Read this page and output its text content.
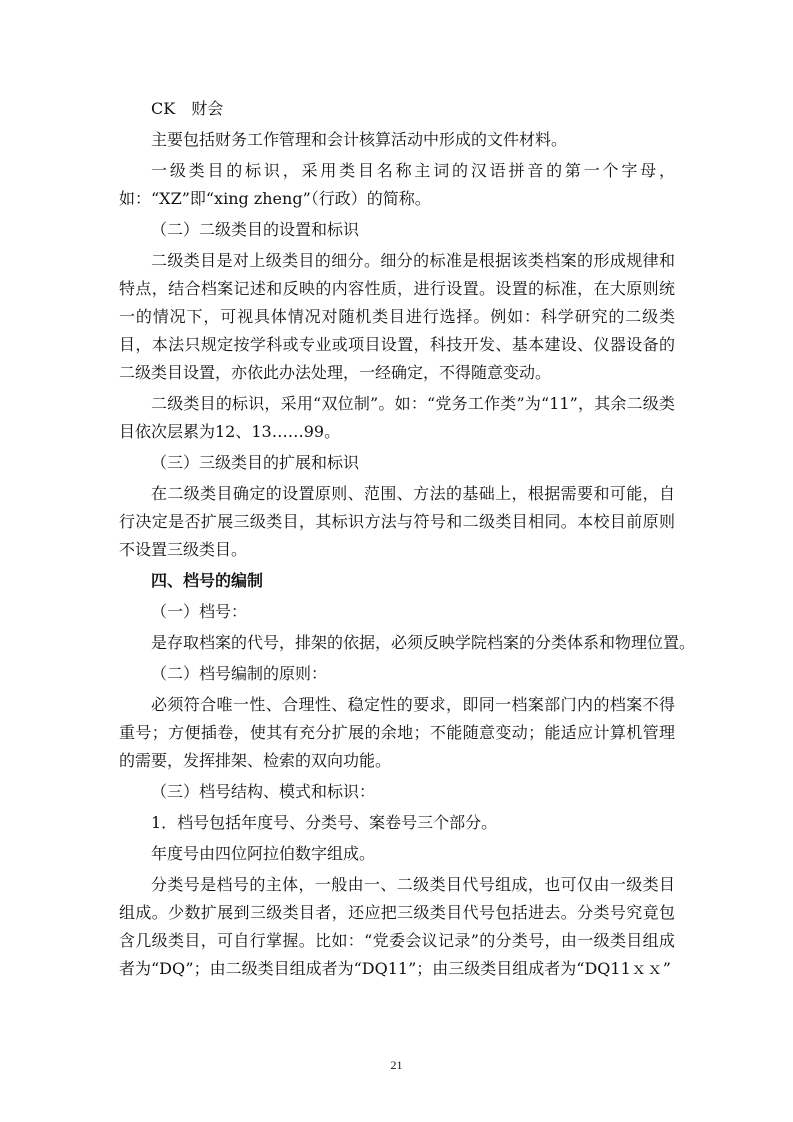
CK　财会

主要包括财务工作管理和会计核算活动中形成的文件材料。

一级类目的标识，采用类目名称主词的汉语拼音的第一个字母，如：“XZ”即“xing zheng”（行政）的简称。

（二）二级类目的设置和标识

二级类目是对上级类目的细分。细分的标准是根据该类档案的形成规律和特点，结合档案记述和反映的内容性质，进行设置。设置的标准，在大原则统一的情况下，可视具体情况对随机类目进行选择。例如：科学研究的二级类目，本法只规定按学科或专业或项目设置，科技开发、基本建设、仪器设备的二级类目设置，亦依此办法处理，一经确定，不得随意变动。

二级类目的标识，采用“双位制”。如：“党务工作类”为“11”，其余二级类目依次层累为12、13……99。

（三）三级类目的扩展和标识

在二级类目确定的设置原则、范围、方法的基础上，根据需要和可能，自行决定是否扩展三级类目，其标识方法与符号和二级类目相同。本校目前原则不设置三级类目。

四、档号的编制

（一）档号：

是存取档案的代号，排架的依据，必须反映学院档案的分类体系和物理位置。

（二）档号编制的原则：

必须符合唯一性、合理性、稳定性的要求，即同一档案部门内的档案不得重号；方便插卷，使其有充分扩展的余地；不能随意变动；能适应计算机管理的需要，发挥排架、检索的双向功能。

（三）档号结构、模式和标识：

1．档号包括年度号、分类号、案卷号三个部分。

年度号由四位阿拉伯数字组成。

分类号是档号的主体，一般由一、二级类目代号组成，也可仅由一级类目组成。少数扩展到三级类目者，还应把三级类目代号包括进去。分类号究竟包含几级类目，可自行掌握。比如：“党委会议记录”的分类号，由一级类目组成者为“DQ”；由二级类目组成者为“DQ11”；由三级类目组成者为“DQ11ｘｘ”

21
